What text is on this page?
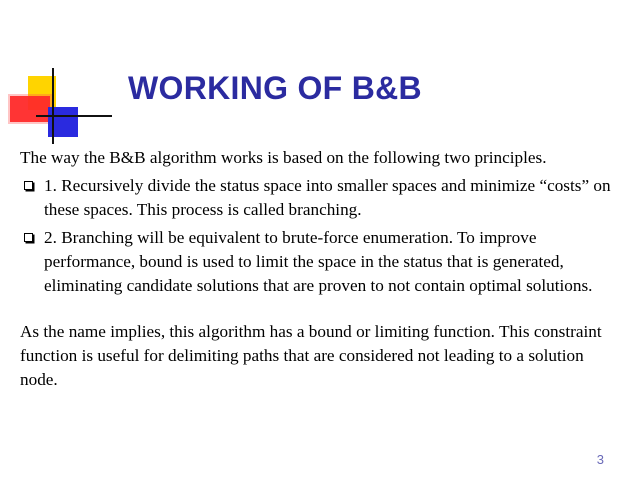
WORKING OF B&B

The way the B&B algorithm works is based on the following two principles.

1. Recursively divide the status space into smaller spaces and minimize “costs” on these spaces. This process is called branching.
2. Branching will be equivalent to brute-force enumeration. To improve performance, bound is used to limit the space in the status that is generated, eliminating candidate solutions that are proven to not contain optimal solutions.

As the name implies, this algorithm has a bound or limiting function. This constraint function is useful for delimiting paths that are considered not leading to a solution node.

3
